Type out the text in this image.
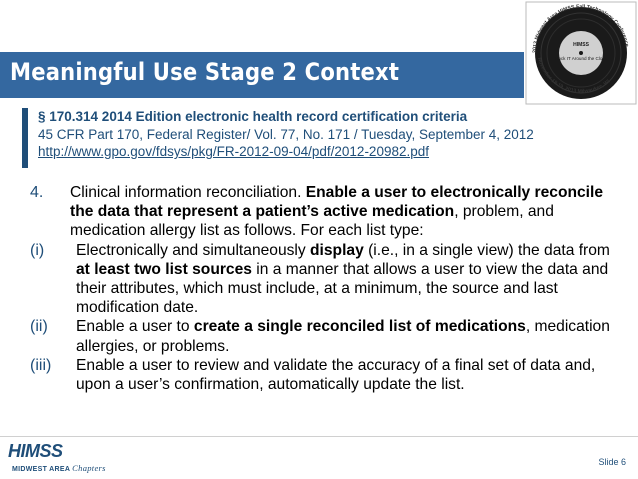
Meaningful Use Stage 2 Context
2013 Midwest Area HIMSS Fall Technology Conference
November 18-19, 2013 Milwaukee, WI
HIMSS
Rock IT Around the Clock
§ 170.314 2014 Edition electronic health record certification criteria
45 CFR Part 170, Federal Register/ Vol. 77, No. 171 / Tuesday, September 4, 2012
http://www.gpo.gov/fdsys/pkg/FR-2012-09-04/pdf/2012-20982.pdf
4. Clinical information reconciliation. Enable a user to electronically reconcile the data that represent a patient’s active medication, problem, and medication allergy list as follows. For each list type:
(i) Electronically and simultaneously display (i.e., in a single view) the data from at least two list sources in a manner that allows a user to view the data and their attributes, which must include, at a minimum, the source and last modification date.
(ii) Enable a user to create a single reconciled list of medications, medication allergies, or problems.
(iii) Enable a user to review and validate the accuracy of a final set of data and, upon a user’s confirmation, automatically update the list.
HIMSS
MIDWEST AREA Chapters
Slide 6
